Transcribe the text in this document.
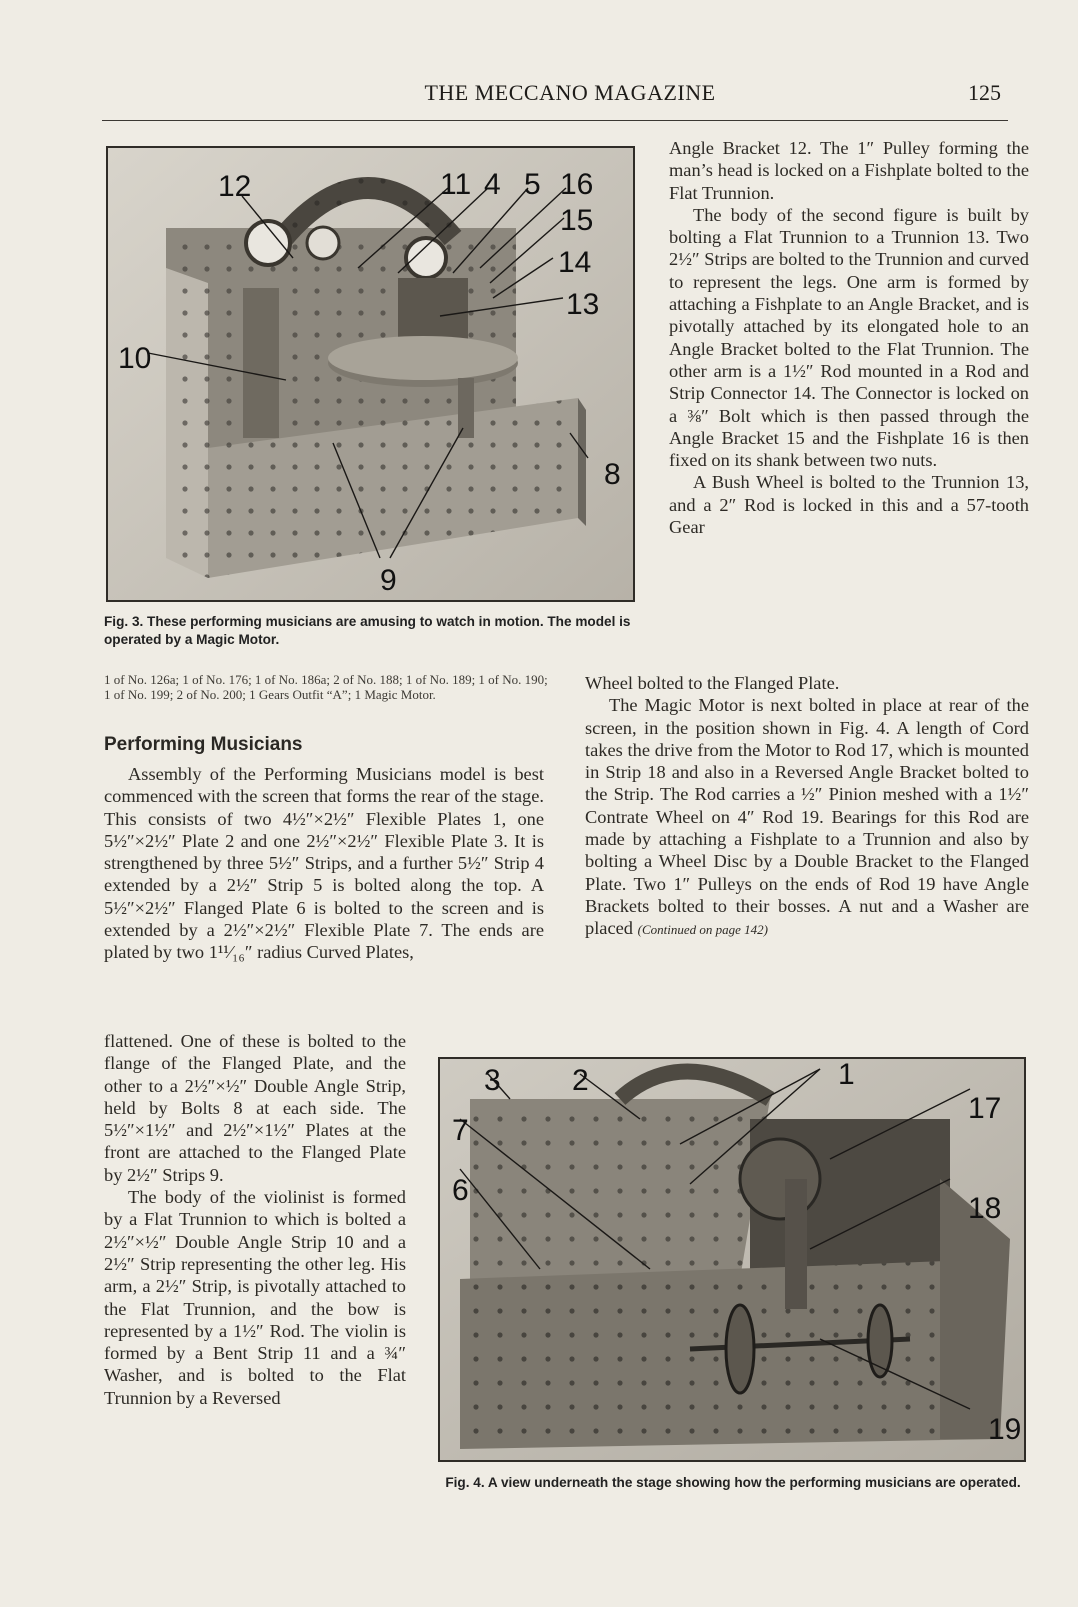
THE MECCANO MAGAZINE	125
12	11 4 5 16
15
14
13
10
8
9
Fig. 3. These performing musicians are amusing to watch in motion. The model is operated by a Magic Motor.
1 of No. 126a; 1 of No. 176; 1 of No. 186a; 2 of No. 188; 1 of No. 189; 1 of No. 190; 1 of No. 199; 2 of No. 200; 1 Gears Outfit “A”; 1 Magic Motor.
Performing Musicians

Assembly of the Performing Musicians model is best commenced with the screen that forms the rear of the stage. This consists of two 4½″×2½″ Flexible Plates 1, one 5½″×2½″ Plate 2 and one 2½″×2½″ Flexible Plate 3. It is strengthened by three 5½″ Strips, and a further 5½″ Strip 4 extended by a 2½″ Strip 5 is bolted along the top. A 5½″×2½″ Flanged Plate 6 is bolted to the screen and is extended by a 2½″×2½″ Flexible Plate 7. The ends are plated by two 1¹¹⁄₁₆″ radius Curved Plates,

flattened. One of these is bolted to the flange of the Flanged Plate, and the other to a 2½″×½″ Double Angle Strip, held by Bolts 8 at each side. The 5½″×1½″ and 2½″×1½″ Plates at the front are attached to the Flanged Plate by 2½″ Strips 9.

The body of the violinist is formed by a Flat Trunnion to which is bolted a 2½″×½″ Double Angle Strip 10 and a 2½″ Strip representing the other leg. His arm, a 2½″ Strip, is pivotally attached to the Flat Trunnion, and the bow is represented by a 1½″ Rod. The violin is formed by a Bent Strip 11 and a ¾″ Washer, and is bolted to the Flat Trunnion by a Reversed

Angle Bracket 12. The 1″ Pulley forming the man’s head is locked on a Fishplate bolted to the Flat Trunnion.

The body of the second figure is built by bolting a Flat Trunnion to a Trunnion 13. Two 2½″ Strips are bolted to the Trunnion and curved to represent the legs. One arm is formed by attaching a Fishplate to an Angle Bracket, and is pivotally attached by its elongated hole to an Angle Bracket bolted to the Flat Trunnion. The other arm is a 1½″ Rod mounted in a Rod and Strip Connector 14. The Connector is locked on a ⅜″ Bolt which is then passed through the Angle Bracket 15 and the Fishplate 16 is then fixed on its shank between two nuts.

A Bush Wheel is bolted to the Trunnion 13, and a 2″ Rod is locked in this and a 57-tooth Gear

Wheel bolted to the Flanged Plate.

The Magic Motor is next bolted in place at rear of the screen, in the position shown in Fig. 4. A length of Cord takes the drive from the Motor to Rod 17, which is mounted in Strip 18 and also in a Reversed Angle Bracket bolted to the Strip. The Rod carries a ½″ Pinion meshed with a 1½″ Contrate Wheel on 4″ Rod 19. Bearings for this Rod are made by attaching a Fishplate to a Trunnion and also by bolting a Wheel Disc by a Double Bracket to the Flanged Plate. Two 1″ Pulleys on the ends of Rod 19 have Angle Brackets bolted to their bosses. A nut and a Washer are placed (Continued on page 142)

3 2	1
7
17
6
18
19
Fig. 4. A view underneath the stage showing how the performing musicians are operated.
